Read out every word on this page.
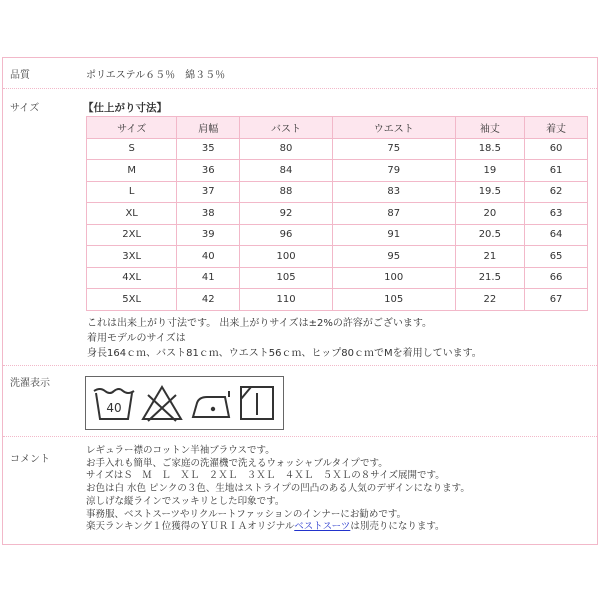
品質	ポリエステル６５％　綿３５％
サイズ	【仕上がり寸法】
サイズ	肩幅	バスト	ウエスト	袖丈	着丈
S	35	80	75	18.5	60
M	36	84	79	19	61
L	37	88	83	19.5	62
XL	38	92	87	20	63
2XL	39	96	91	20.5	64
3XL	40	100	95	21	65
4XL	41	105	100	21.5	66
5XL	42	110	105	22	67
これは出来上がり寸法です。 出来上がりサイズは±2%の許容がございます。
着用モデルのサイズは
身長164ｃｍ、バスト81ｃｍ、ウエスト56ｃｍ、ヒップ80ｃｍでMを着用しています。
洗濯表示
40
コメント
レギュラー襟のコットン半袖ブラウスです。
お手入れも簡単、ご家庭の洗濯機で洗えるウォッシャブルタイプです。
サイズはＳ　Ｍ　Ｌ　ＸＬ　２ＸＬ　３ＸＬ　４ＸＬ　５ＸＬの８サイズ展開です。
お色は白 水色 ピンクの３色、生地はストライプの凹凸のある人気のデザインになります。
涼しげな縦ラインでスッキリとした印象です。
事務服、ベストスーツやリクルートファッションのインナーにお勧めです。
楽天ランキング１位獲得のＹＵＲＩＡオリジナルベストスーツは別売りになります。
